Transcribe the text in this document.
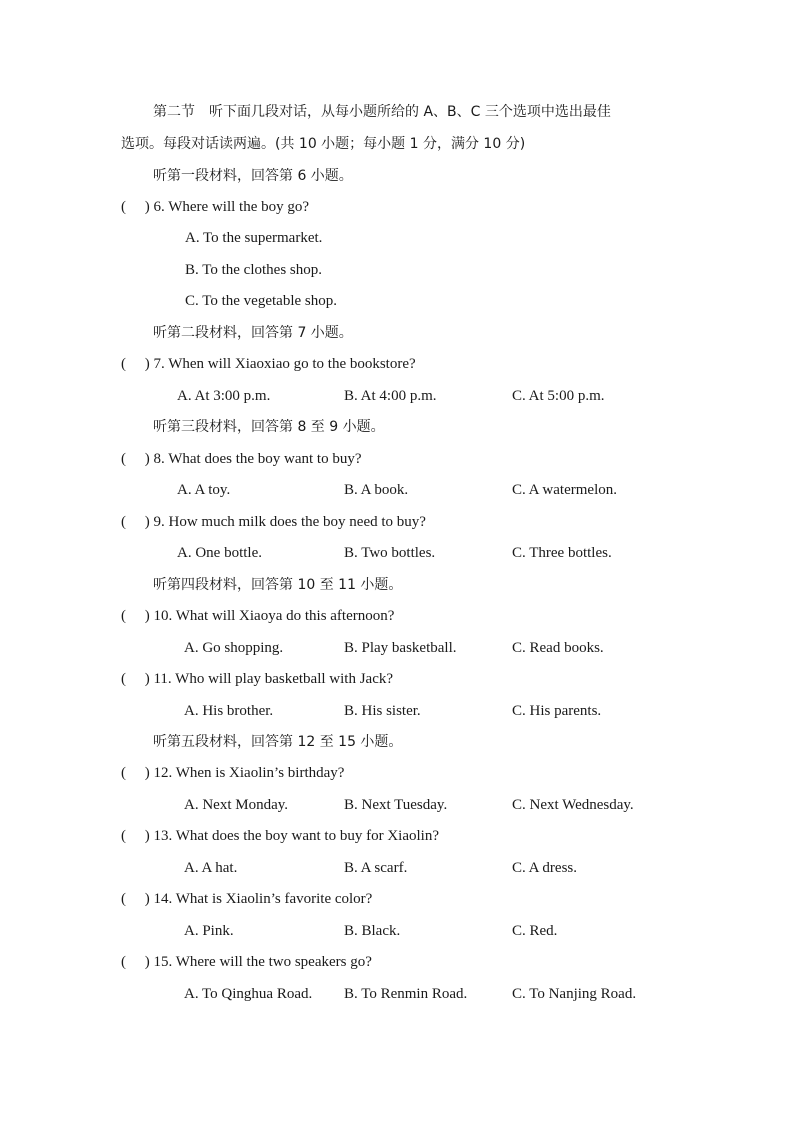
第二节　听下面几段对话，从每小题所给的 A、B、C 三个选项中选出最佳
选项。每段对话读两遍。(共 10 小题；每小题 1 分，满分 10 分)
听第一段材料，回答第 6 小题。
(　 ) 6. Where will the boy go?
A. To the supermarket.
B. To the clothes shop.
C. To the vegetable shop.
听第二段材料，回答第 7 小题。
(　 ) 7. When will Xiaoxiao go to the bookstore?
A. At 3:00 p.m.	B. At 4:00 p.m.	C. At 5:00 p.m.
听第三段材料，回答第 8 至 9 小题。
(　 ) 8. What does the boy want to buy?
A. A toy.	B. A book.	C. A watermelon.
(　 ) 9. How much milk does the boy need to buy?
A. One bottle.	B. Two bottles.	C. Three bottles.
听第四段材料，回答第 10 至 11 小题。
(　 ) 10. What will Xiaoya do this afternoon?
A. Go shopping.	B. Play basketball.	C. Read books.
(　 ) 11. Who will play basketball with Jack?
A. His brother.	B. His sister.	C. His parents.
听第五段材料，回答第 12 至 15 小题。
(　 ) 12. When is Xiaolin’s birthday?
A. Next Monday.	B. Next Tuesday.	C. Next Wednesday.
(　 ) 13. What does the boy want to buy for Xiaolin?
A. A hat.	B. A scarf.	C. A dress.
(　 ) 14. What is Xiaolin’s favorite color?
A. Pink.	B. Black.	C. Red.
(　 ) 15. Where will the two speakers go?
A. To Qinghua Road. B. To Renmin Road.	C. To Nanjing Road.
